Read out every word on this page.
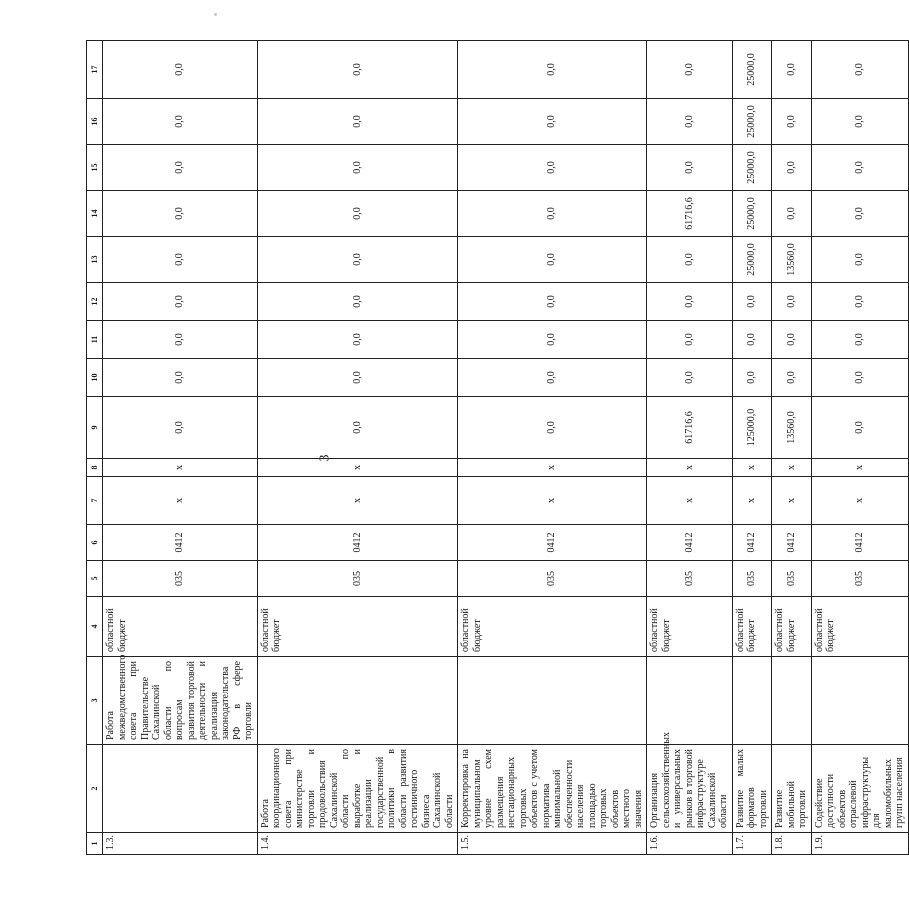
3
1	2	3	4	5	6	7	8	9	10	11	12	13	14	15	16	17
1.3.		Работа межведомственного совета при Правительстве Сахалинской области по вопросам развития торговой деятельности и реализация законодательства РФ в сфере торговли	областной бюджет	035	0412	x	x	0,0	0,0	0,0	0,0	0,0	0,0	0,0	0,0	0,0
1.4.	Работа координационного совета при министерстве торговли и продовольствия Сахалинской области по выработке и реализации государственной политики в области развития гостиничного бизнеса Сахалинской области		областной бюджет	035	0412	x	x	0,0	0,0	0,0	0,0	0,0	0,0	0,0	0,0	0,0
1.5.	Корректировка на муниципальном уровне схем размещения нестационарных торговых объектов с учетом норматива минимальной обеспеченности населения площадью торговых объектов местного значения		областной бюджет	035	0412	x	x	0,0	0,0	0,0	0,0	0,0	0,0	0,0	0,0	0,0
1.6.	Организация сельскохозяйственных и универсальных рынков в торговой инфраструктуре Сахалинской области		областной бюджет	035	0412	x	x	61716,6	0,0	0,0	0,0	0,0	61716,6	0,0	0,0	0,0
1.7.	Развитие малых форматов торговли		областной бюджет	035	0412	x	x	125000,0	0,0	0,0	0,0	25000,0	25000,0	25000,0	25000,0	25000,0
1.8.	Развитие мобильной торговли		областной бюджет	035	0412	x	x	13560,0	0,0	0,0	0,0	13560,0	0,0	0,0	0,0	0,0
1.9.	Содействие доступности объектов отраслевой инфраструктуры для маломобильных групп населения		областной бюджет	035	0412	x	x	0,0	0,0	0,0	0,0	0,0	0,0	0,0	0,0	0,0
